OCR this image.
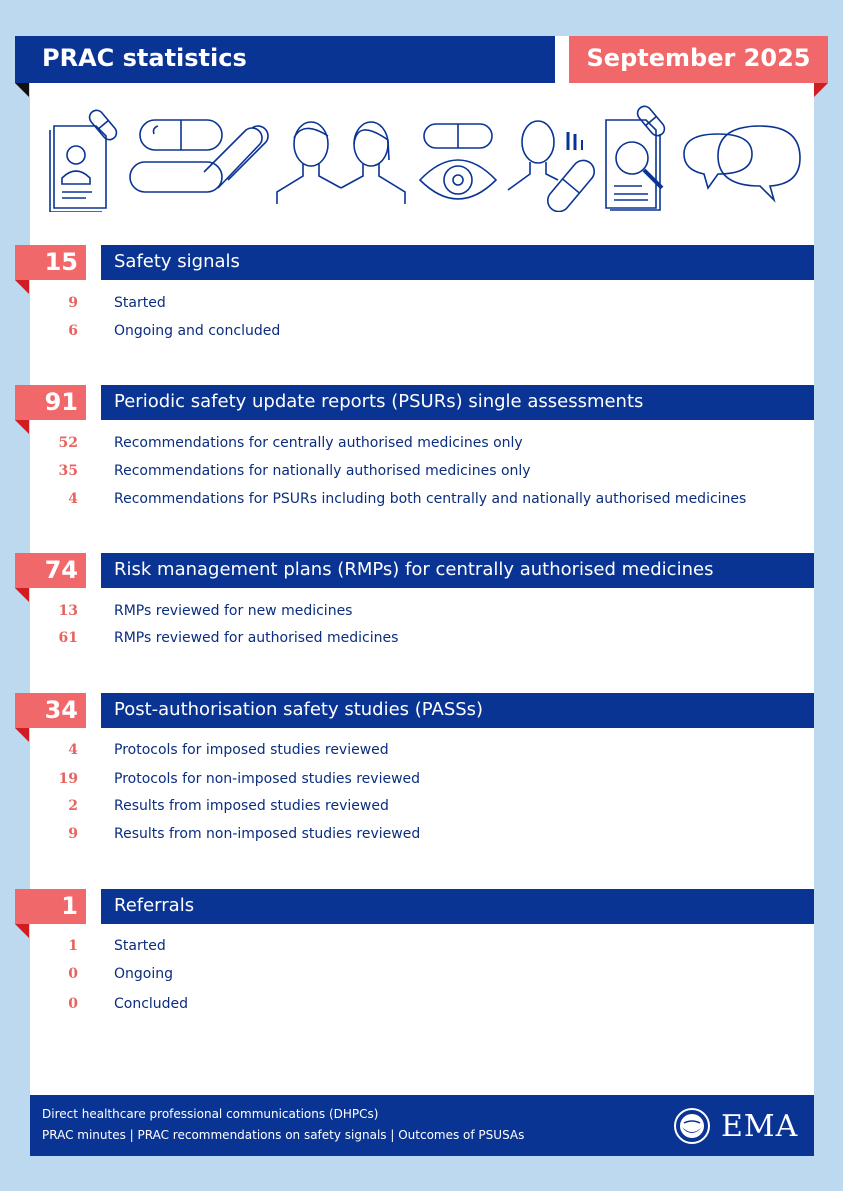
PRAC statistics	September 2025
15	Safety signals
9	Started
6	Ongoing and concluded
91	Periodic safety update reports (PSURs) single assessments
52	Recommendations for centrally authorised medicines only
35	Recommendations for nationally authorised medicines only
4	Recommendations for PSURs including both centrally and nationally authorised medicines
74	Risk management plans (RMPs) for centrally authorised medicines
13	RMPs reviewed for new medicines
61	RMPs reviewed for authorised medicines
34	Post-authorisation safety studies (PASSs)
4	Protocols for imposed studies reviewed
19	Protocols for non-imposed studies reviewed
2	Results from imposed studies reviewed
9	Results from non-imposed studies reviewed
1	Referrals
1	Started
0	Ongoing
0	Concluded
Direct healthcare professional communications (DHPCs)
PRAC minutes | PRAC recommendations on safety signals | Outcomes of PSUSAs	EMA
